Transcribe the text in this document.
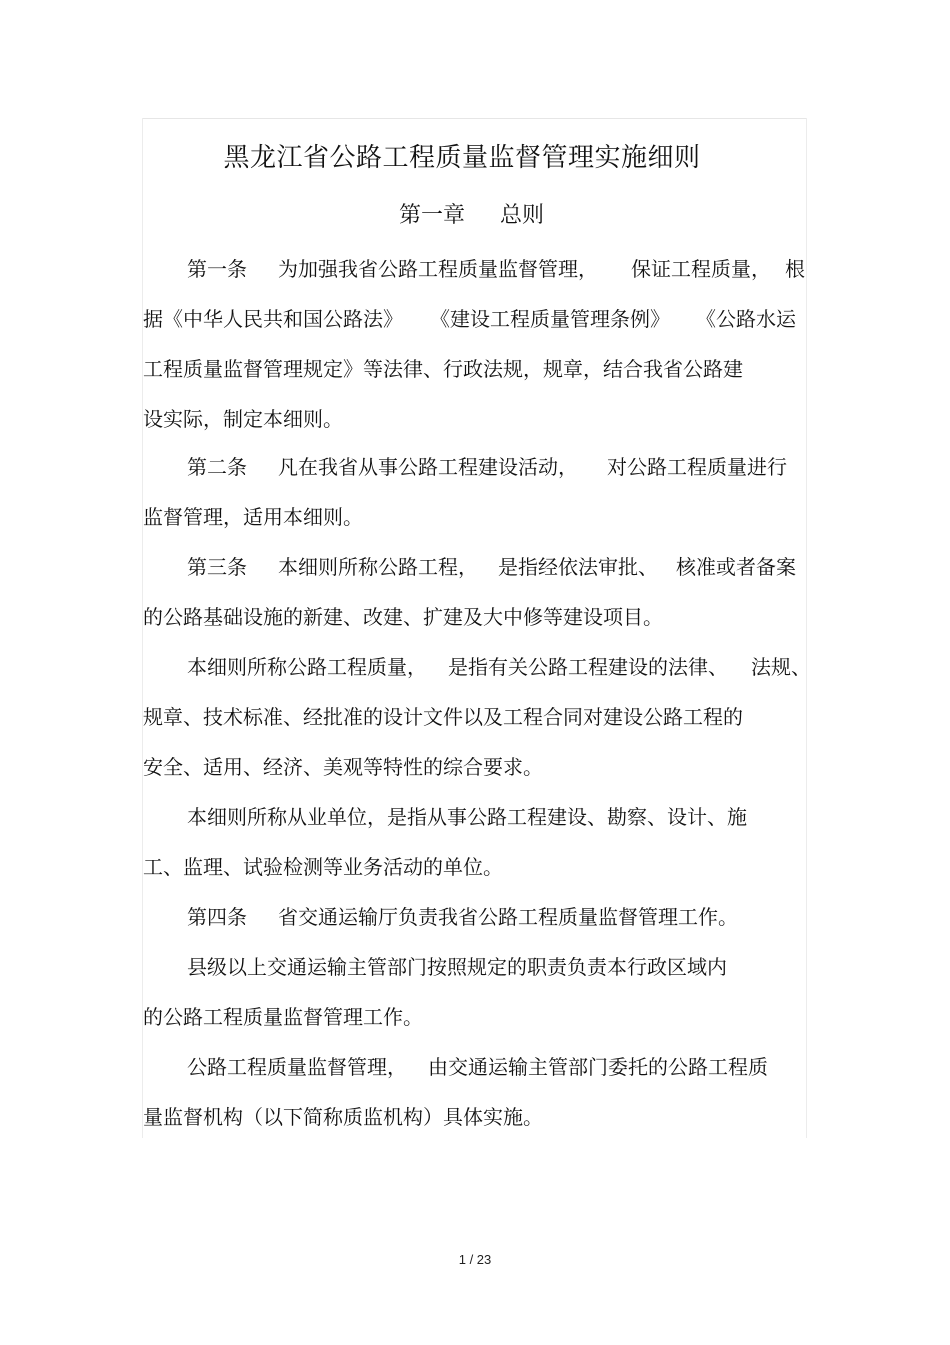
黑龙江省公路工程质量监督管理实施细则
第一章 总则
第一条 为加强我省公路工程质量监督管理， 保证工程质量， 根
据《中华人民共和国公路法》 《建设工程质量管理条例》 《公路水运
工程质量监督管理规定》等法律、行政法规，规章，结合我省公路建
设实际，制定本细则。
第二条 凡在我省从事公路工程建设活动， 对公路工程质量进行
监督管理，适用本细则。
第三条 本细则所称公路工程， 是指经依法审批、 核准或者备案
的公路基础设施的新建、改建、扩建及大中修等建设项目。
本细则所称公路工程质量， 是指有关公路工程建设的法律、 法规、
规章、技术标准、经批准的设计文件以及工程合同对建设公路工程的
安全、适用、经济、美观等特性的综合要求。
本细则所称从业单位，是指从事公路工程建设、勘察、设计、施
工、监理、试验检测等业务活动的单位。
第四条 省交通运输厅负责我省公路工程质量监督管理工作。
县级以上交通运输主管部门按照规定的职责负责本行政区域内
的公路工程质量监督管理工作。
公路工程质量监督管理， 由交通运输主管部门委托的公路工程质
量监督机构（以下简称质监机构）具体实施。
1 / 23
